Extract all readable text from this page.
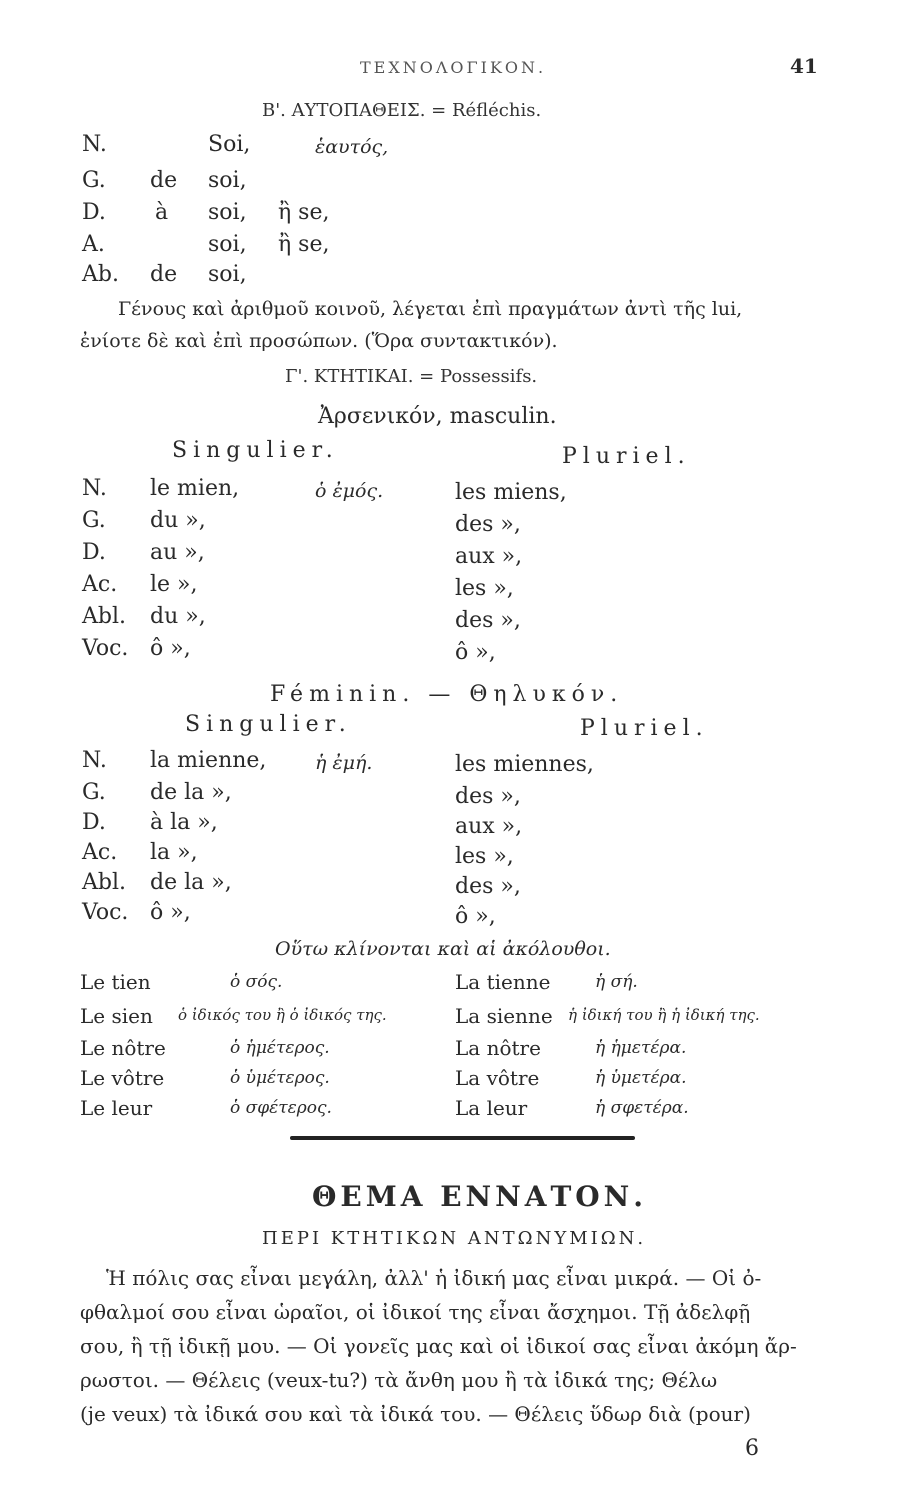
ΤΕΧΝΟΛΟΓΙΚΟΝ.	41
Β'. ΑΥΤΟΠΑΘΕΙΣ. = Réfléchis.
N.	Soi,	ἑαυτός,
G. de soi,
D. à soi, ἢ se,
A.	soi, ἢ se,
Ab. de soi,
Γένους καὶ ἀριθμοῦ κοινοῦ, λέγεται ἐπὶ πραγμάτων ἀντὶ τῆς lui,
ἐνίοτε δὲ καὶ ἐπὶ προσώπων. (Ὅρα συντακτικόν).
Γ'. ΚΤΗΤΙΚΑΙ. = Possessifs.
Ἀρσενικόν, masculin.
Singulier.	Pluriel.
N. le mien,	ὁ ἐμός.	les miens,
G. du »,	des »,
D. au »,	aux »,
Ac. le »,	les »,
Abl. du »,	des »,
Voc. ô »,	ô »,
Féminin. — Θηλυκόν.
Singulier.	Pluriel.
N. la mienne,	ἡ ἐμή.	les miennes,
G. de la »,	des »,
D. à la »,	aux »,
Ac. la »,	les »,
Abl. de la »,	des »,
Voc. ô »,	ô »,
Οὕτω κλίνονται καὶ αἱ ἀκόλουθοι.
Le tien	ὁ σός.	La tienne	ἡ σή.
Le sien ὁ ἰδικός του ἢ ὁ ἰδικός της.	La sienne ἡ ἰδική του ἢ ἡ ἰδική της.
Le nôtre	ὁ ἡμέτερος.	La nôtre	ἡ ἡμετέρα.
Le vôtre	ὁ ὑμέτερος.	La vôtre	ἡ ὑμετέρα.
Le leur	ὁ σφέτερος.	La leur	ἡ σφετέρα.
ΘΕΜΑ ΕΝΝΑΤΟΝ.
ΠΕΡΙ ΚΤΗΤΙΚΩΝ ΑΝΤΩΝΥΜΙΩΝ.
Ἡ πόλις σας εἶναι μεγάλη, ἀλλ' ἡ ἰδική μας εἶναι μικρά. — Οἱ ὀ-
φθαλμοί σου εἶναι ὡραῖοι, οἱ ἰδικοί της εἶναι ἄσχημοι. Τῇ ἀδελφῇ
σου, ἢ τῇ ἰδικῇ μου. — Οἱ γονεῖς μας καὶ οἱ ἰδικοί σας εἶναι ἀκόμη ἄρ-
ρωστοι. — Θέλεις (veux-tu?) τὰ ἄνθη μου ἢ τὰ ἰδικά της; Θέλω
(je veux) τὰ ἰδικά σου καὶ τὰ ἰδικά του. — Θέλεις ὕδωρ διὰ (pour)
6
